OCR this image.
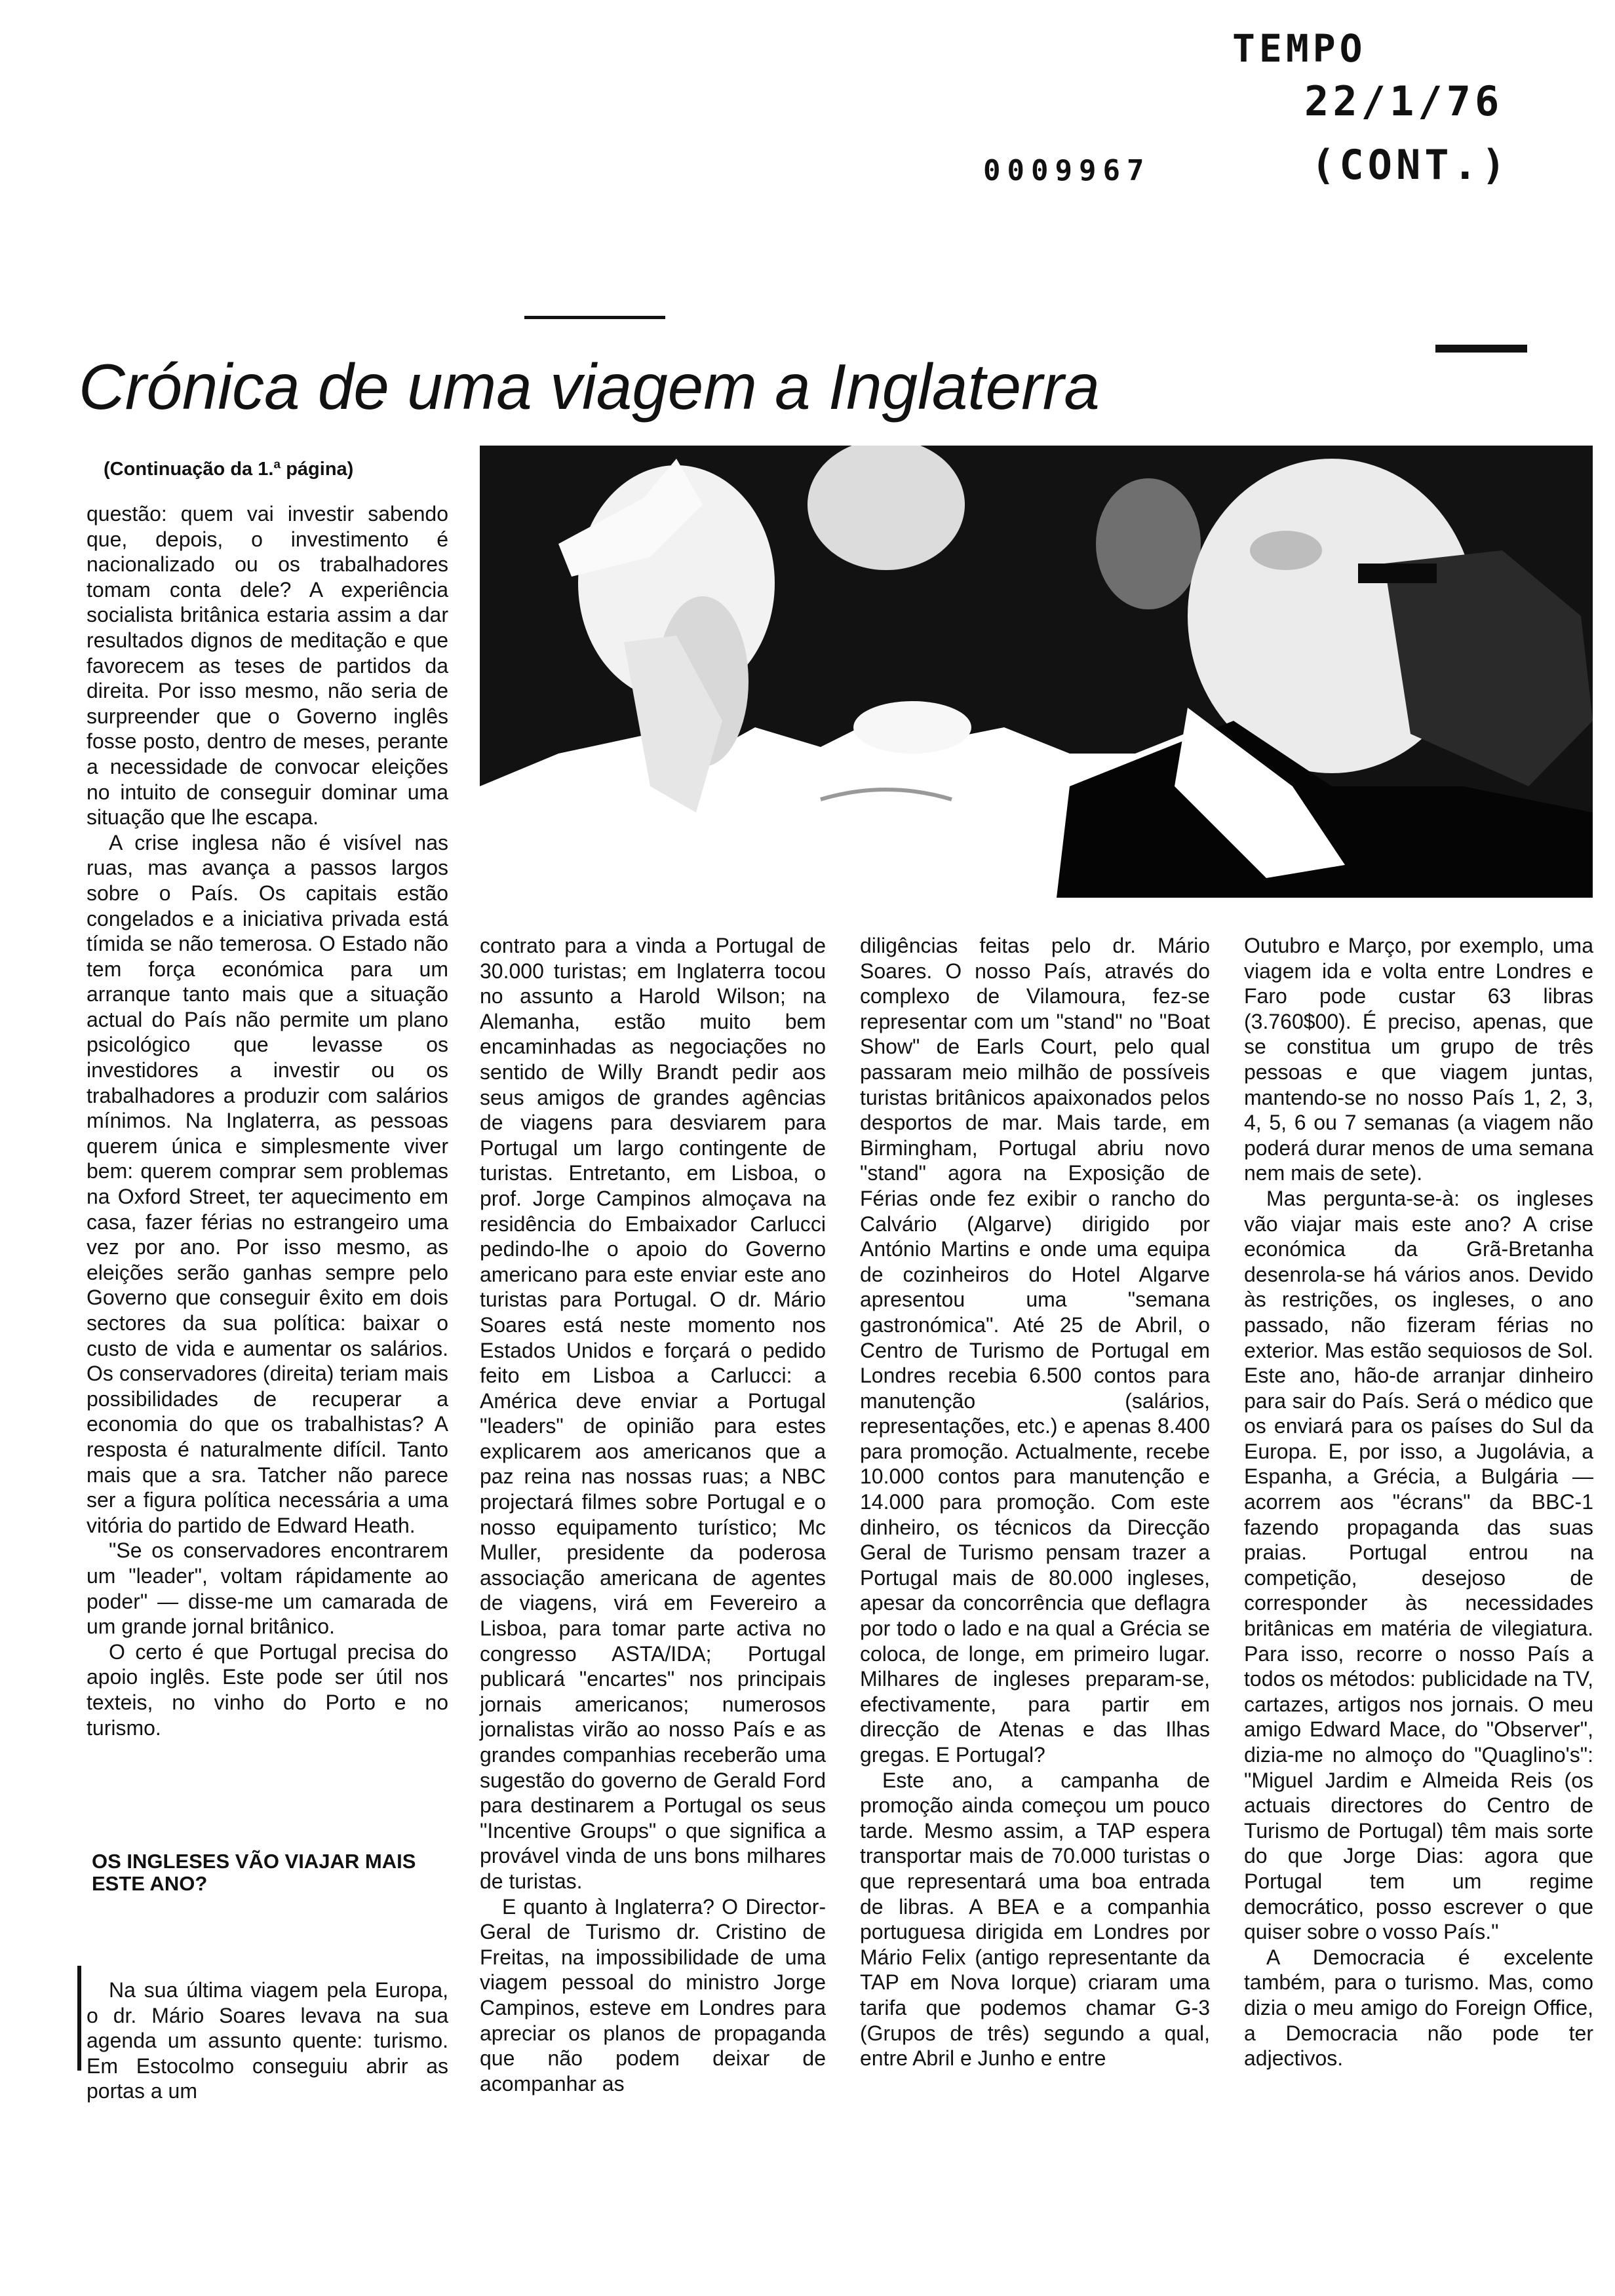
TEMPO
22/1/76
(CONT.)
0009967
Crónica de uma viagem a Inglaterra
(Continuação da 1.ª página)

questão: quem vai investir sabendo que, depois, o investimento é nacionalizado ou os trabalhadores tomam conta dele? A experiência socialista britânica estaria assim a dar resultados dignos de meditação e que favorecem as teses de partidos da direita. Por isso mesmo, não seria de surpreender que o Governo inglês fosse posto, dentro de meses, perante a necessidade de convocar eleições no intuito de conseguir dominar uma situação que lhe escapa.

A crise inglesa não é visível nas ruas, mas avança a passos largos sobre o País. Os capitais estão congelados e a iniciativa privada está tímida se não temerosa. O Estado não tem força económica para um arranque tanto mais que a situação actual do País não permite um plano psicológico que levasse os investidores a investir ou os trabalhadores a produzir com salários mínimos. Na Inglaterra, as pessoas querem única e simplesmente viver bem: querem comprar sem problemas na Oxford Street, ter aquecimento em casa, fazer férias no estrangeiro uma vez por ano. Por isso mesmo, as eleições serão ganhas sempre pelo Governo que conseguir êxito em dois sectores da sua política: baixar o custo de vida e aumentar os salários. Os conservadores (direita) teriam mais possibilidades de recuperar a economia do que os trabalhistas? A resposta é naturalmente difícil. Tanto mais que a sra. Tatcher não parece ser a figura política necessária a uma vitória do partido de Edward Heath.

"Se os conservadores encontrarem um "leader", voltam rápidamente ao poder" — disse-me um camarada de um grande jornal britânico.

O certo é que Portugal precisa do apoio inglês. Este pode ser útil nos texteis, no vinho do Porto e no turismo.

OS INGLESES VÃO VIAJAR MAIS ESTE ANO?

Na sua última viagem pela Europa, o dr. Mário Soares levava na sua agenda um assunto quente: turismo. Em Estocolmo conseguiu abrir as portas a um

contrato para a vinda a Portugal de 30.000 turistas; em Inglaterra tocou no assunto a Harold Wilson; na Alemanha, estão muito bem encaminhadas as negociações no sentido de Willy Brandt pedir aos seus amigos de grandes agências de viagens para desviarem para Portugal um largo contingente de turistas. Entretanto, em Lisboa, o prof. Jorge Campinos almoçava na residência do Embaixador Carlucci pedindo-lhe o apoio do Governo americano para este enviar este ano turistas para Portugal. O dr. Mário Soares está neste momento nos Estados Unidos e forçará o pedido feito em Lisboa a Carlucci: a América deve enviar a Portugal "leaders" de opinião para estes explicarem aos americanos que a paz reina nas nossas ruas; a NBC projectará filmes sobre Portugal e o nosso equipamento turístico; Mc Muller, presidente da poderosa associação americana de agentes de viagens, virá em Fevereiro a Lisboa, para tomar parte activa no congresso ASTA/IDA; Portugal publicará "encartes" nos principais jornais americanos; numerosos jornalistas virão ao nosso País e as grandes companhias receberão uma sugestão do governo de Gerald Ford para destinarem a Portugal os seus "Incentive Groups" o que significa a provável vinda de uns bons milhares de turistas.

E quanto à Inglaterra? O Director-Geral de Turismo dr. Cristino de Freitas, na impossibilidade de uma viagem pessoal do ministro Jorge Campinos, esteve em Londres para apreciar os planos de propaganda que não podem deixar de acompanhar as

diligências feitas pelo dr. Mário Soares. O nosso País, através do complexo de Vilamoura, fez-se representar com um "stand" no "Boat Show" de Earls Court, pelo qual passaram meio milhão de possíveis turistas britânicos apaixonados pelos desportos de mar. Mais tarde, em Birmingham, Portugal abriu novo "stand" agora na Exposição de Férias onde fez exibir o rancho do Calvário (Algarve) dirigido por António Martins e onde uma equipa de cozinheiros do Hotel Algarve apresentou uma "semana gastronómica". Até 25 de Abril, o Centro de Turismo de Portugal em Londres recebia 6.500 contos para manutenção (salários, representações, etc.) e apenas 8.400 para promoção. Actualmente, recebe 10.000 contos para manutenção e 14.000 para promoção. Com este dinheiro, os técnicos da Direcção Geral de Turismo pensam trazer a Portugal mais de 80.000 ingleses, apesar da concorrência que deflagra por todo o lado e na qual a Grécia se coloca, de longe, em primeiro lugar. Milhares de ingleses preparam-se, efectivamente, para partir em direcção de Atenas e das Ilhas gregas. E Portugal?

Este ano, a campanha de promoção ainda começou um pouco tarde. Mesmo assim, a TAP espera transportar mais de 70.000 turistas o que representará uma boa entrada de libras. A BEA e a companhia portuguesa dirigida em Londres por Mário Felix (antigo representante da TAP em Nova Iorque) criaram uma tarifa que podemos chamar G-3 (Grupos de três) segundo a qual, entre Abril e Junho e entre

Outubro e Março, por exemplo, uma viagem ida e volta entre Londres e Faro pode custar 63 libras (3.760$00). É preciso, apenas, que se constitua um grupo de três pessoas e que viagem juntas, mantendo-se no nosso País 1, 2, 3, 4, 5, 6 ou 7 semanas (a viagem não poderá durar menos de uma semana nem mais de sete).

Mas pergunta-se-à: os ingleses vão viajar mais este ano? A crise económica da Grã-Bretanha desenrola-se há vários anos. Devido às restrições, os ingleses, o ano passado, não fizeram férias no exterior. Mas estão sequiosos de Sol. Este ano, hão-de arranjar dinheiro para sair do País. Será o médico que os enviará para os países do Sul da Europa. E, por isso, a Jugolávia, a Espanha, a Grécia, a Bulgária — acorrem aos "écrans" da BBC-1 fazendo propaganda das suas praias. Portugal entrou na competição, desejoso de corresponder às necessidades britânicas em matéria de vilegiatura. Para isso, recorre o nosso País a todos os métodos: publicidade na TV, cartazes, artigos nos jornais. O meu amigo Edward Mace, do "Observer", dizia-me no almoço do "Quaglino's": "Miguel Jardim e Almeida Reis (os actuais directores do Centro de Turismo de Portugal) têm mais sorte do que Jorge Dias: agora que Portugal tem um regime democrático, posso escrever o que quiser sobre o vosso País."

A Democracia é excelente também, para o turismo. Mas, como dizia o meu amigo do Foreign Office, a Democracia não pode ter adjectivos.
